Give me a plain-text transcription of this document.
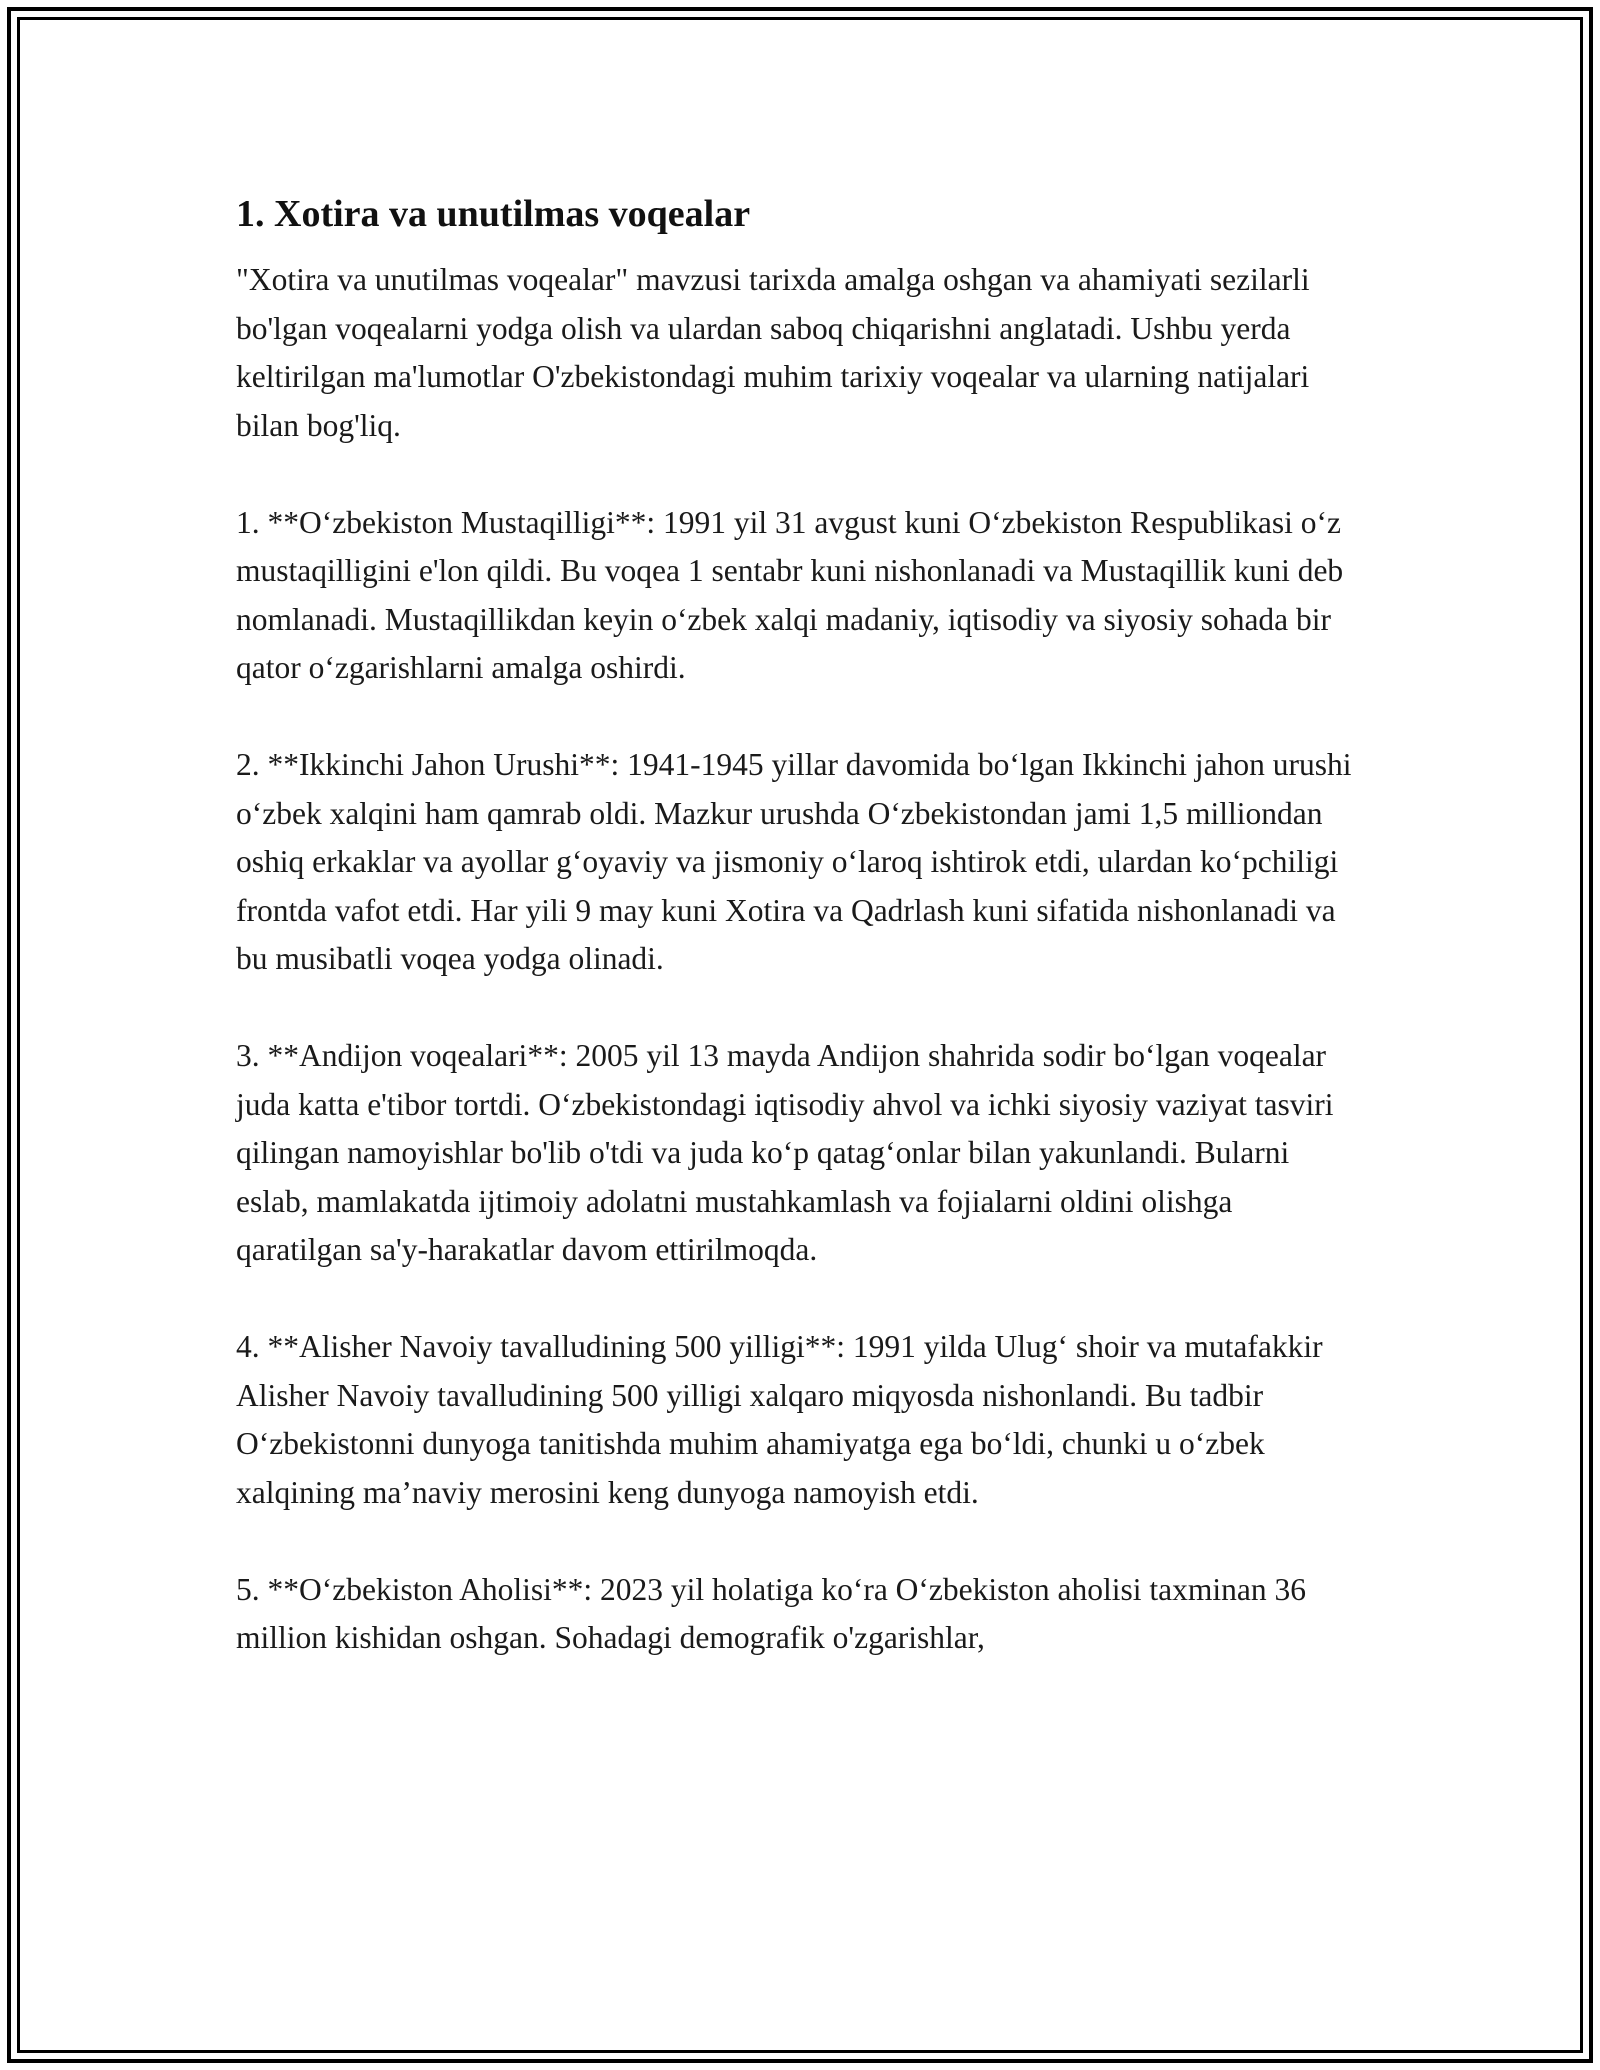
1. Xotira va unutilmas voqealar

"Xotira va unutilmas voqealar" mavzusi tarixda amalga oshgan va ahamiyati sezilarli bo'lgan voqealarni yodga olish va ulardan saboq chiqarishni anglatadi. Ushbu yerda keltirilgan ma'lumotlar O'zbekistondagi muhim tarixiy voqealar va ularning natijalari bilan bog'liq.

1. **Oʻzbekiston Mustaqilligi**: 1991 yil 31 avgust kuni Oʻzbekiston Respublikasi oʻz mustaqilligini e'lon qildi. Bu voqea 1 sentabr kuni nishonlanadi va Mustaqillik kuni deb nomlanadi. Mustaqillikdan keyin oʻzbek xalqi madaniy, iqtisodiy va siyosiy sohada bir qator oʻzgarishlarni amalga oshirdi.

2. **Ikkinchi Jahon Urushi**: 1941-1945 yillar davomida boʻlgan Ikkinchi jahon urushi oʻzbek xalqini ham qamrab oldi. Mazkur urushda Oʻzbekistondan jami 1,5 milliondan oshiq erkaklar va ayollar gʻoyaviy va jismoniy oʻlaroq ishtirok etdi, ulardan koʻpchiligi frontda vafot etdi. Har yili 9 may kuni Xotira va Qadrlash kuni sifatida nishonlanadi va bu musibatli voqea yodga olinadi.

3. **Andijon voqealari**: 2005 yil 13 mayda Andijon shahrida sodir boʻlgan voqealar juda katta e'tibor tortdi. Oʻzbekistondagi iqtisodiy ahvol va ichki siyosiy vaziyat tasviri qilingan namoyishlar bo'lib o'tdi va juda koʻp qatagʻonlar bilan yakunlandi. Bularni eslab, mamlakatda ijtimoiy adolatni mustahkamlash va fojialarni oldini olishga qaratilgan sa'y-harakatlar davom ettirilmoqda.

4. **Alisher Navoiy tavalludining 500 yilligi**: 1991 yilda Ulugʻ shoir va mutafakkir Alisher Navoiy tavalludining 500 yilligi xalqaro miqyosda nishonlandi. Bu tadbir Oʻzbekistonni dunyoga tanitishda muhim ahamiyatga ega boʻldi, chunki u oʻzbek xalqining maʼnaviy merosini keng dunyoga namoyish etdi.

5. **Oʻzbekiston Aholisi**: 2023 yil holatiga koʻra Oʻzbekiston aholisi taxminan 36 million kishidan oshgan. Sohadagi demografik o'zgarishlar,
